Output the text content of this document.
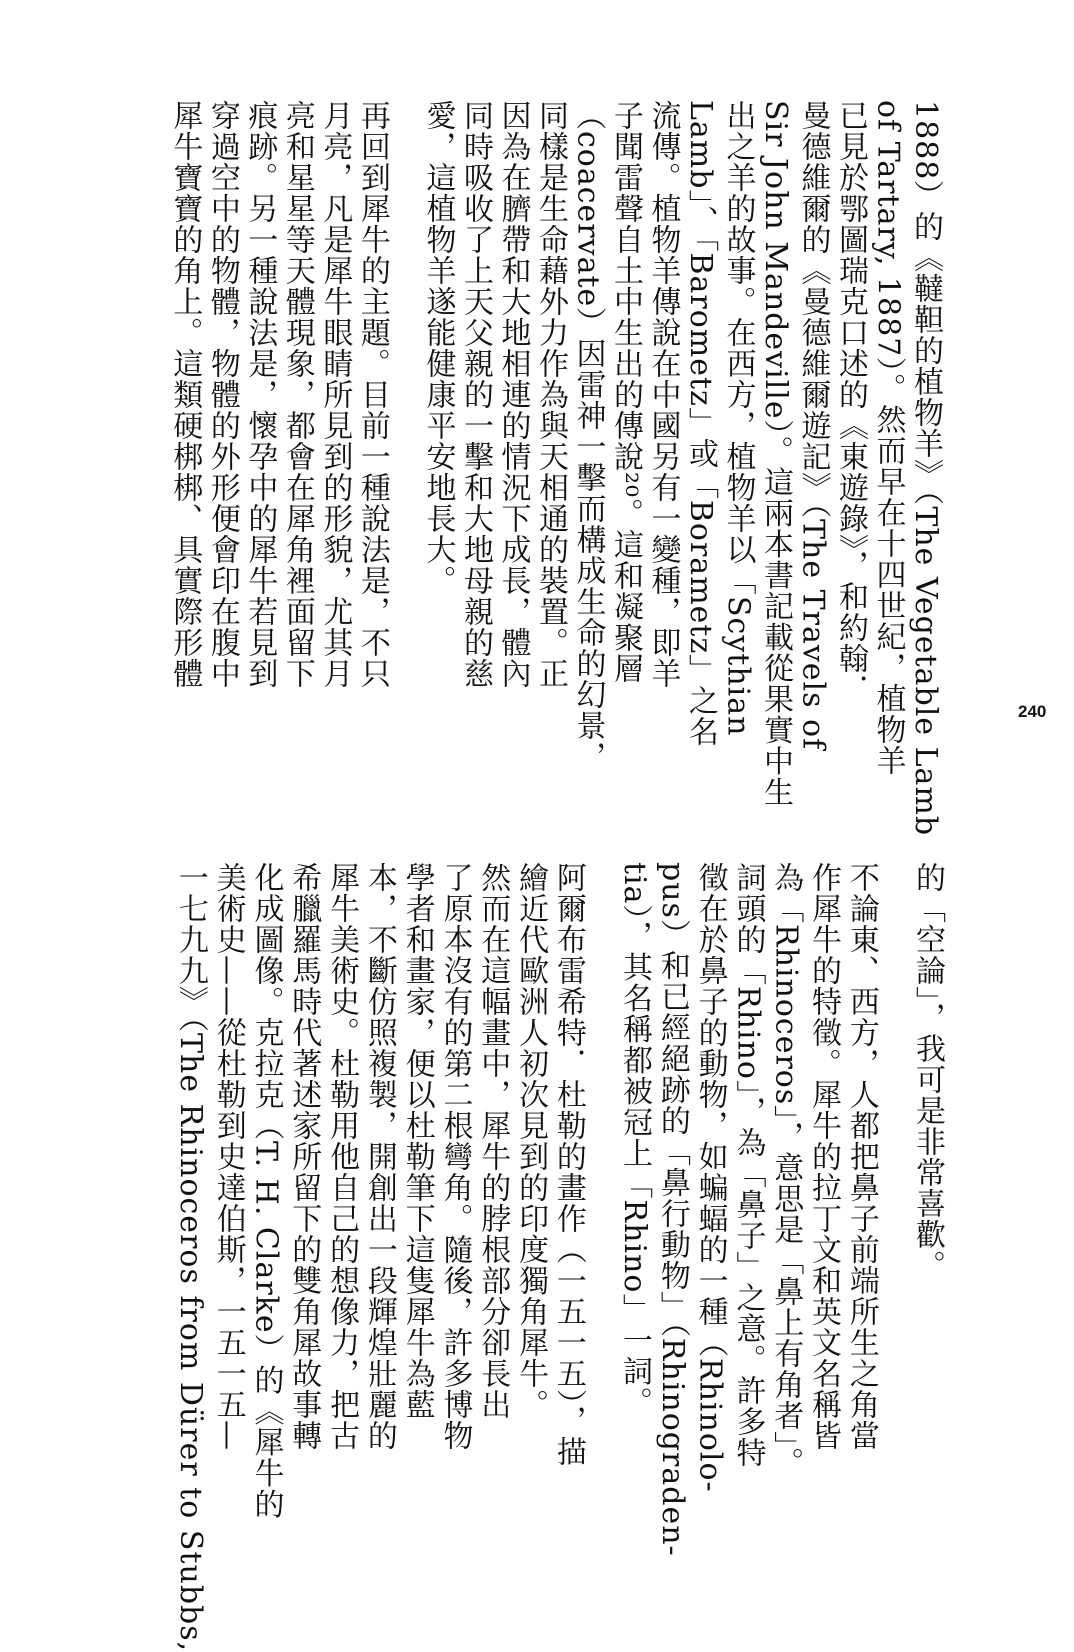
1888）的《韃靼的植物羊》（The Vegetable Lamb
of Tartary, 1887）。然而早在十四世紀，植物羊
已見於鄂圖瑞克口述的《東遊錄》，和約翰．
曼德維爾的《曼德維爾遊記》（The Travels of
Sir John Mandeville）。這兩本書記載從果實中生
出之羊的故事。在西方，植物羊以「Scythian
Lamb」、「Barometz」或「Borametz」之名
流傳。植物羊傳說在中國另有一變種，即羊
子聞雷聲自土中生出的傳說²⁰。這和凝聚層
（coacervate）因雷神一擊而構成生命的幻景，
同樣是生命藉外力作為與天相通的裝置。正
因為在臍帶和大地相連的情況下成長，體內
同時吸收了上天父親的一擊和大地母親的慈
愛，這植物羊遂能健康平安地長大。
再回到犀牛的主題。目前一種說法是，不只
月亮，凡是犀牛眼睛所見到的形貌，尤其月
亮和星星等天體現象，都會在犀角裡面留下
痕跡。另一種說法是，懷孕中的犀牛若見到
穿過空中的物體，物體的外形便會印在腹中
犀牛寶寶的角上。這類硬梆梆、具實際形體
的「空論」，我可是非常喜歡。
不論東、西方，人都把鼻子前端所生之角當
作犀牛的特徵。犀牛的拉丁文和英文名稱皆
為「Rhinoceros」，意思是「鼻上有角者」。
詞頭的「Rhino」，為「鼻子」之意。許多特
徵在於鼻子的動物，如蝙蝠的一種（Rhinolo-
pus）和已經絕跡的「鼻行動物」（Rhinograden-
tia），其名稱都被冠上「Rhino」一詞。
阿爾布雷希特．杜勒的畫作（一五一五），描
繪近代歐洲人初次見到的印度獨角犀牛。
然而在這幅畫中，犀牛的脖根部分卻長出
了原本沒有的第二根彎角。隨後，許多博物
學者和畫家，便以杜勒筆下這隻犀牛為藍
本，不斷仿照複製，開創出一段輝煌壯麗的
犀牛美術史。杜勒用他自己的想像力，把古
希臘羅馬時代著述家所留下的雙角犀故事轉
化成圖像。克拉克（T. H. Clarke）的《犀牛的
美術史——從杜勒到史達伯斯，一五一五—
一七九九》（The Rhinoceros from Dürer to Stubbs,
240
